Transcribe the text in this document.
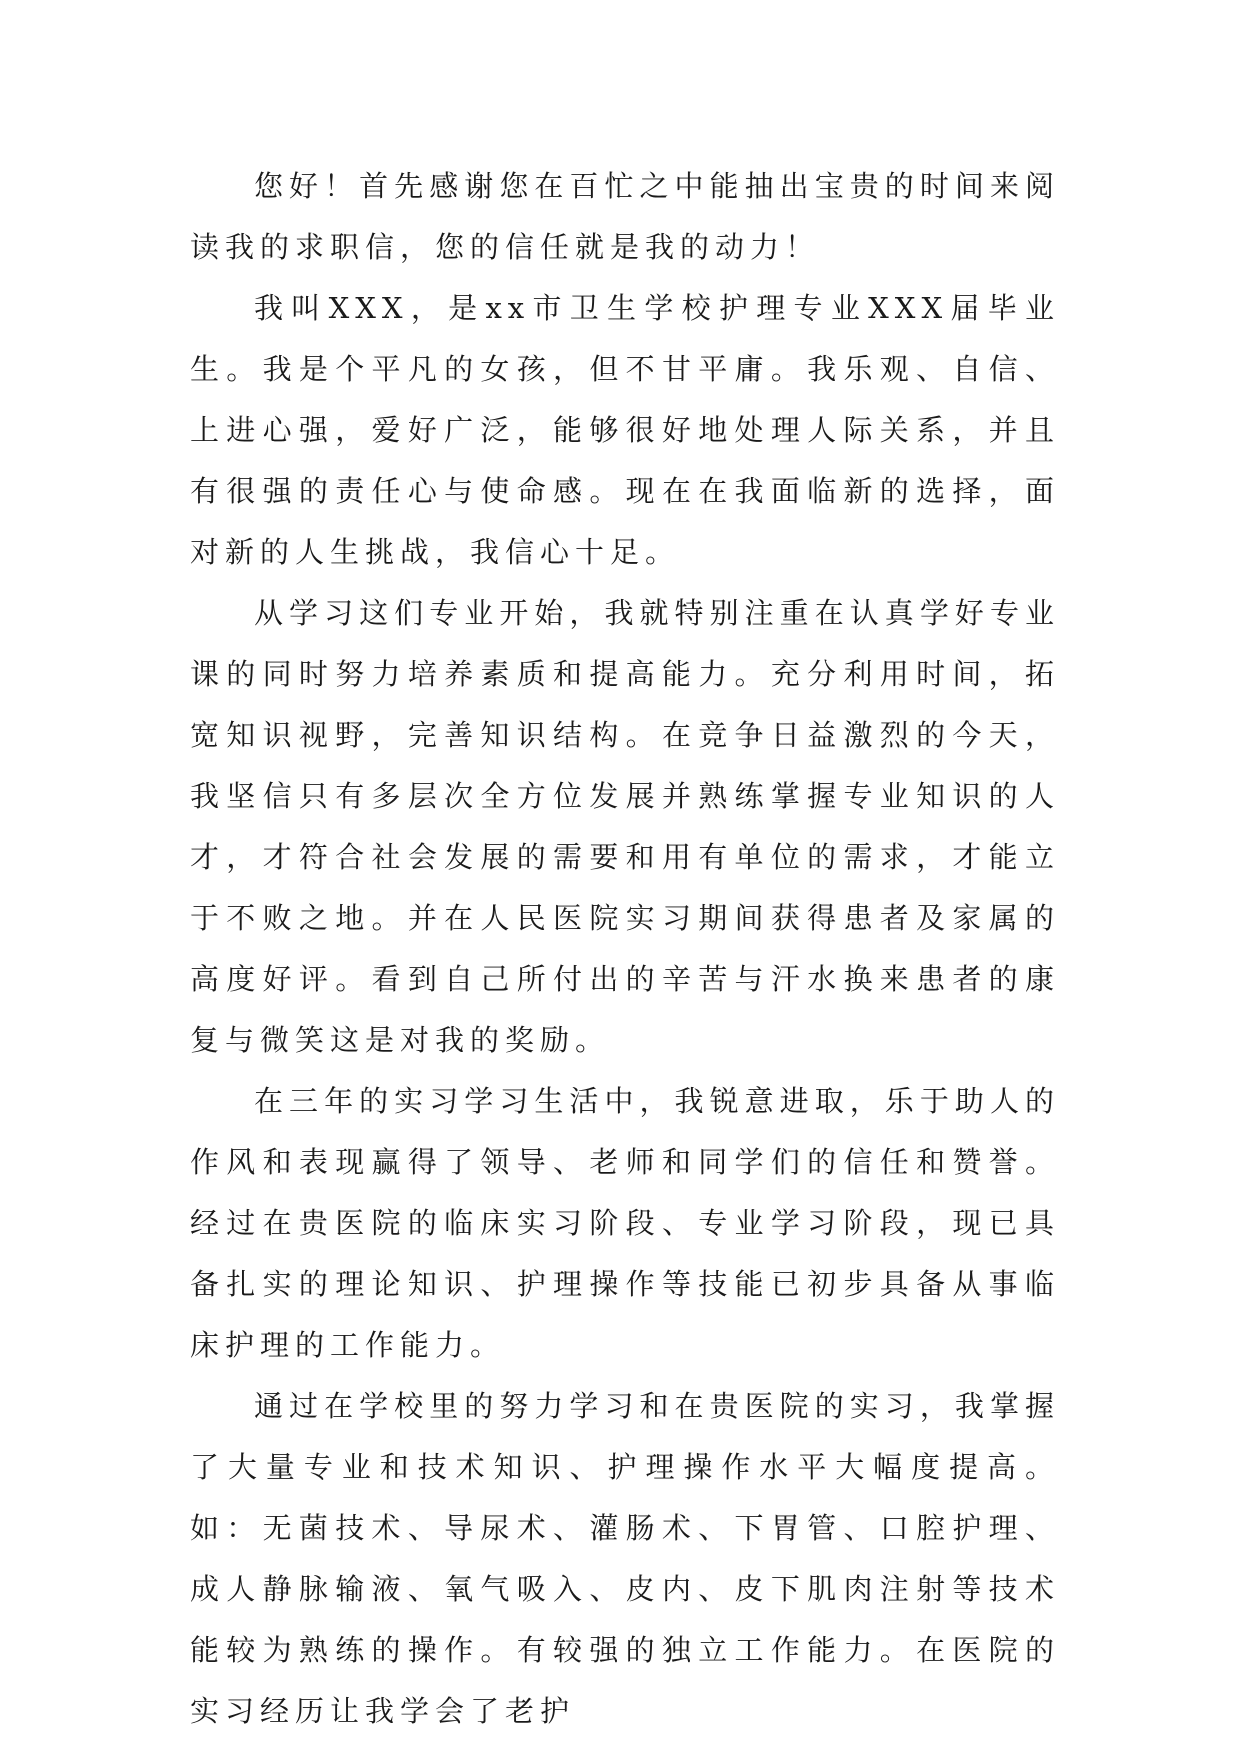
您好！首先感谢您在百忙之中能抽出宝贵的时间来阅读我的求职信，您的信任就是我的动力！

我叫XXX，是xx市卫生学校护理专业XXX届毕业生。我是个平凡的女孩，但不甘平庸。我乐观、自信、上进心强，爱好广泛，能够很好地处理人际关系，并且有很强的责任心与使命感。现在在我面临新的选择，面对新的人生挑战，我信心十足。

从学习这们专业开始，我就特别注重在认真学好专业课的同时努力培养素质和提高能力。充分利用时间，拓宽知识视野，完善知识结构。在竞争日益激烈的今天，我坚信只有多层次全方位发展并熟练掌握专业知识的人才，才符合社会发展的需要和用有单位的需求，才能立于不败之地。并在人民医院实习期间获得患者及家属的高度好评。看到自己所付出的辛苦与汗水换来患者的康复与微笑这是对我的奖励。

在三年的实习学习生活中，我锐意进取，乐于助人的作风和表现赢得了领导、老师和同学们的信任和赞誉。经过在贵医院的临床实习阶段、专业学习阶段，现已具备扎实的理论知识、护理操作等技能已初步具备从事临床护理的工作能力。

通过在学校里的努力学习和在贵医院的实习，我掌握了大量专业和技术知识、护理操作水平大幅度提高。如：无菌技术、导尿术、灌肠术、下胃管、口腔护理、成人静脉输液、氧气吸入、皮内、皮下肌肉注射等技术能较为熟练的操作。有较强的独立工作能力。在医院的实习经历让我学会了老护
